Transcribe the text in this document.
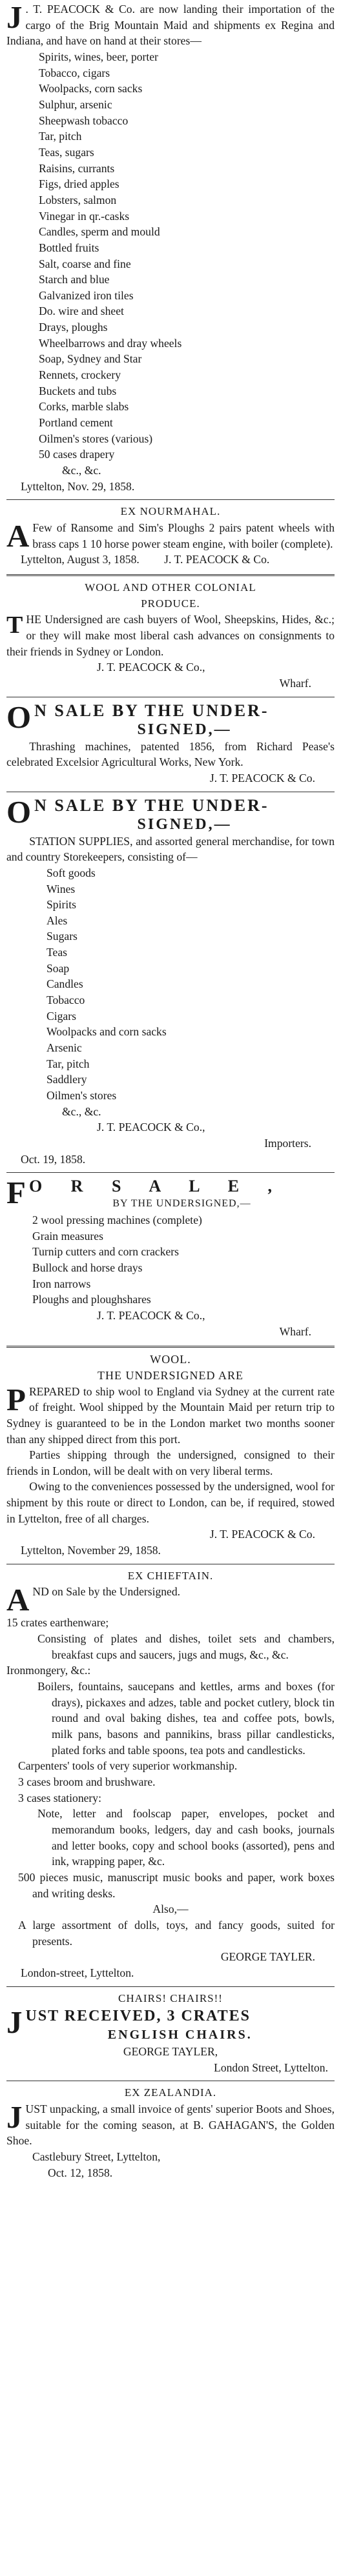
J . T. PEACOCK & Co. are now landing their importation of the cargo of the Brig Mountain Maid and shipments ex Regina and Indiana, and have on hand at their stores—

Spirits, wines, beer, porter

Tobacco, cigars

Woolpacks, corn sacks

Sulphur, arsenic

Sheepwash tobacco

Tar, pitch

Teas, sugars

Raisins, currants

Figs, dried apples

Lobsters, salmon

Vinegar in qr.-casks

Candles, sperm and mould

Bottled fruits

Salt, coarse and fine

Starch and blue

Galvanized iron tiles

Do. wire and sheet

Drays, ploughs

Wheelbarrows and dray wheels

Soap, Sydney and Star

Rennets, crockery

Buckets and tubs

Corks, marble slabs

Portland cement

Oilmen's stores (various)

50 cases drapery

&c., &c.

Lyttelton, Nov. 29, 1858.

EX NOURMAHAL.

A Few of Ransome and Sim's Ploughs 2 pairs patent wheels with brass caps 1 10 horse power steam engine, with boiler (complete).

Lyttelton, August 3, 1858. J. T. PEACOCK & Co.

WOOL AND OTHER COLONIAL

PRODUCE.

THE Undersigned are cash buyers of Wool, Sheepskins, Hides, &c.; or they will make most liberal cash advances on consignments to their friends in Sydney or London.

J. T. PEACOCK & Co.,

Wharf.

O N SALE BY THE UNDER-

SIGNED,—

Thrashing machines, patented 1856, from Richard Pease's celebrated Excelsior Agricultural Works, New York.

J. T. PEACOCK & Co.

O N SALE BY THE UNDER-

SIGNED,—

STATION SUPPLIES, and assorted general merchandise, for town and country Storekeepers, consisting of—

Soft goods

Wines

Spirits

Ales

Sugars

Teas

Soap

Candles

Tobacco

Cigars

Woolpacks and corn sacks

Arsenic

Tar, pitch

Saddlery

Oilmen's stores

&c., &c.

J. T. PEACOCK & Co.,

Importers.

Oct. 19, 1858.

F O R S A L E ,

BY THE UNDERSIGNED,—

2 wool pressing machines (complete)

Grain measures

Turnip cutters and corn crackers

Bullock and horse drays

Iron narrows

Ploughs and ploughshares

J. T. PEACOCK & Co.,

Wharf.

WOOL.

THE UNDERSIGNED ARE

PREPARED to ship wool to England via Sydney at the current rate of freight. Wool shipped by the Mountain Maid per return trip to Sydney is guaranteed to be in the London market two months sooner than any shipped direct from this port.

Parties shipping through the undersigned, consigned to their friends in London, will be dealt with on very liberal terms.

Owing to the conveniences possessed by the undersigned, wool for shipment by this route or direct to London, can be, if required, stowed in Lyttelton, free of all charges.

J. T. PEACOCK & Co.

Lyttelton, November 29, 1858.

EX CHIEFTAIN.

AND on Sale by the Undersigned.

15 crates earthenware;

Consisting of plates and dishes, toilet sets and chambers, breakfast cups and saucers, jugs and mugs, &c., &c.

Ironmongery, &c.:

Boilers, fountains, saucepans and kettles, arms and boxes (for drays), pickaxes and adzes, table and pocket cutlery, block tin round and oval baking dishes, tea and coffee pots, bowls, milk pans, basons and pannikins, brass pillar candlesticks, plated forks and table spoons, tea pots and candlesticks.

Carpenters' tools of very superior workmanship.

3 cases broom and brushware.

3 cases stationery:

Note, letter and foolscap paper, envelopes, pocket and memorandum books, ledgers, day and cash books, journals and letter books, copy and school books (assorted), pens and ink, wrapping paper, &c.

500 pieces music, manuscript music books and paper, work boxes and writing desks.

Also,—

A large assortment of dolls, toys, and fancy goods, suited for presents.

GEORGE TAYLER.

London-street, Lyttelton.

CHAIRS! CHAIRS!!

J UST RECEIVED, 3 CRATES

ENGLISH CHAIRS.

GEORGE TAYLER,

London Street, Lyttelton.

EX ZEALANDIA.

JUST unpacking, a small invoice of gents' superior Boots and Shoes, suitable for the coming season, at B. GAHAGAN'S, the Golden Shoe.

Castlebury Street, Lyttelton,

Oct. 12, 1858.
